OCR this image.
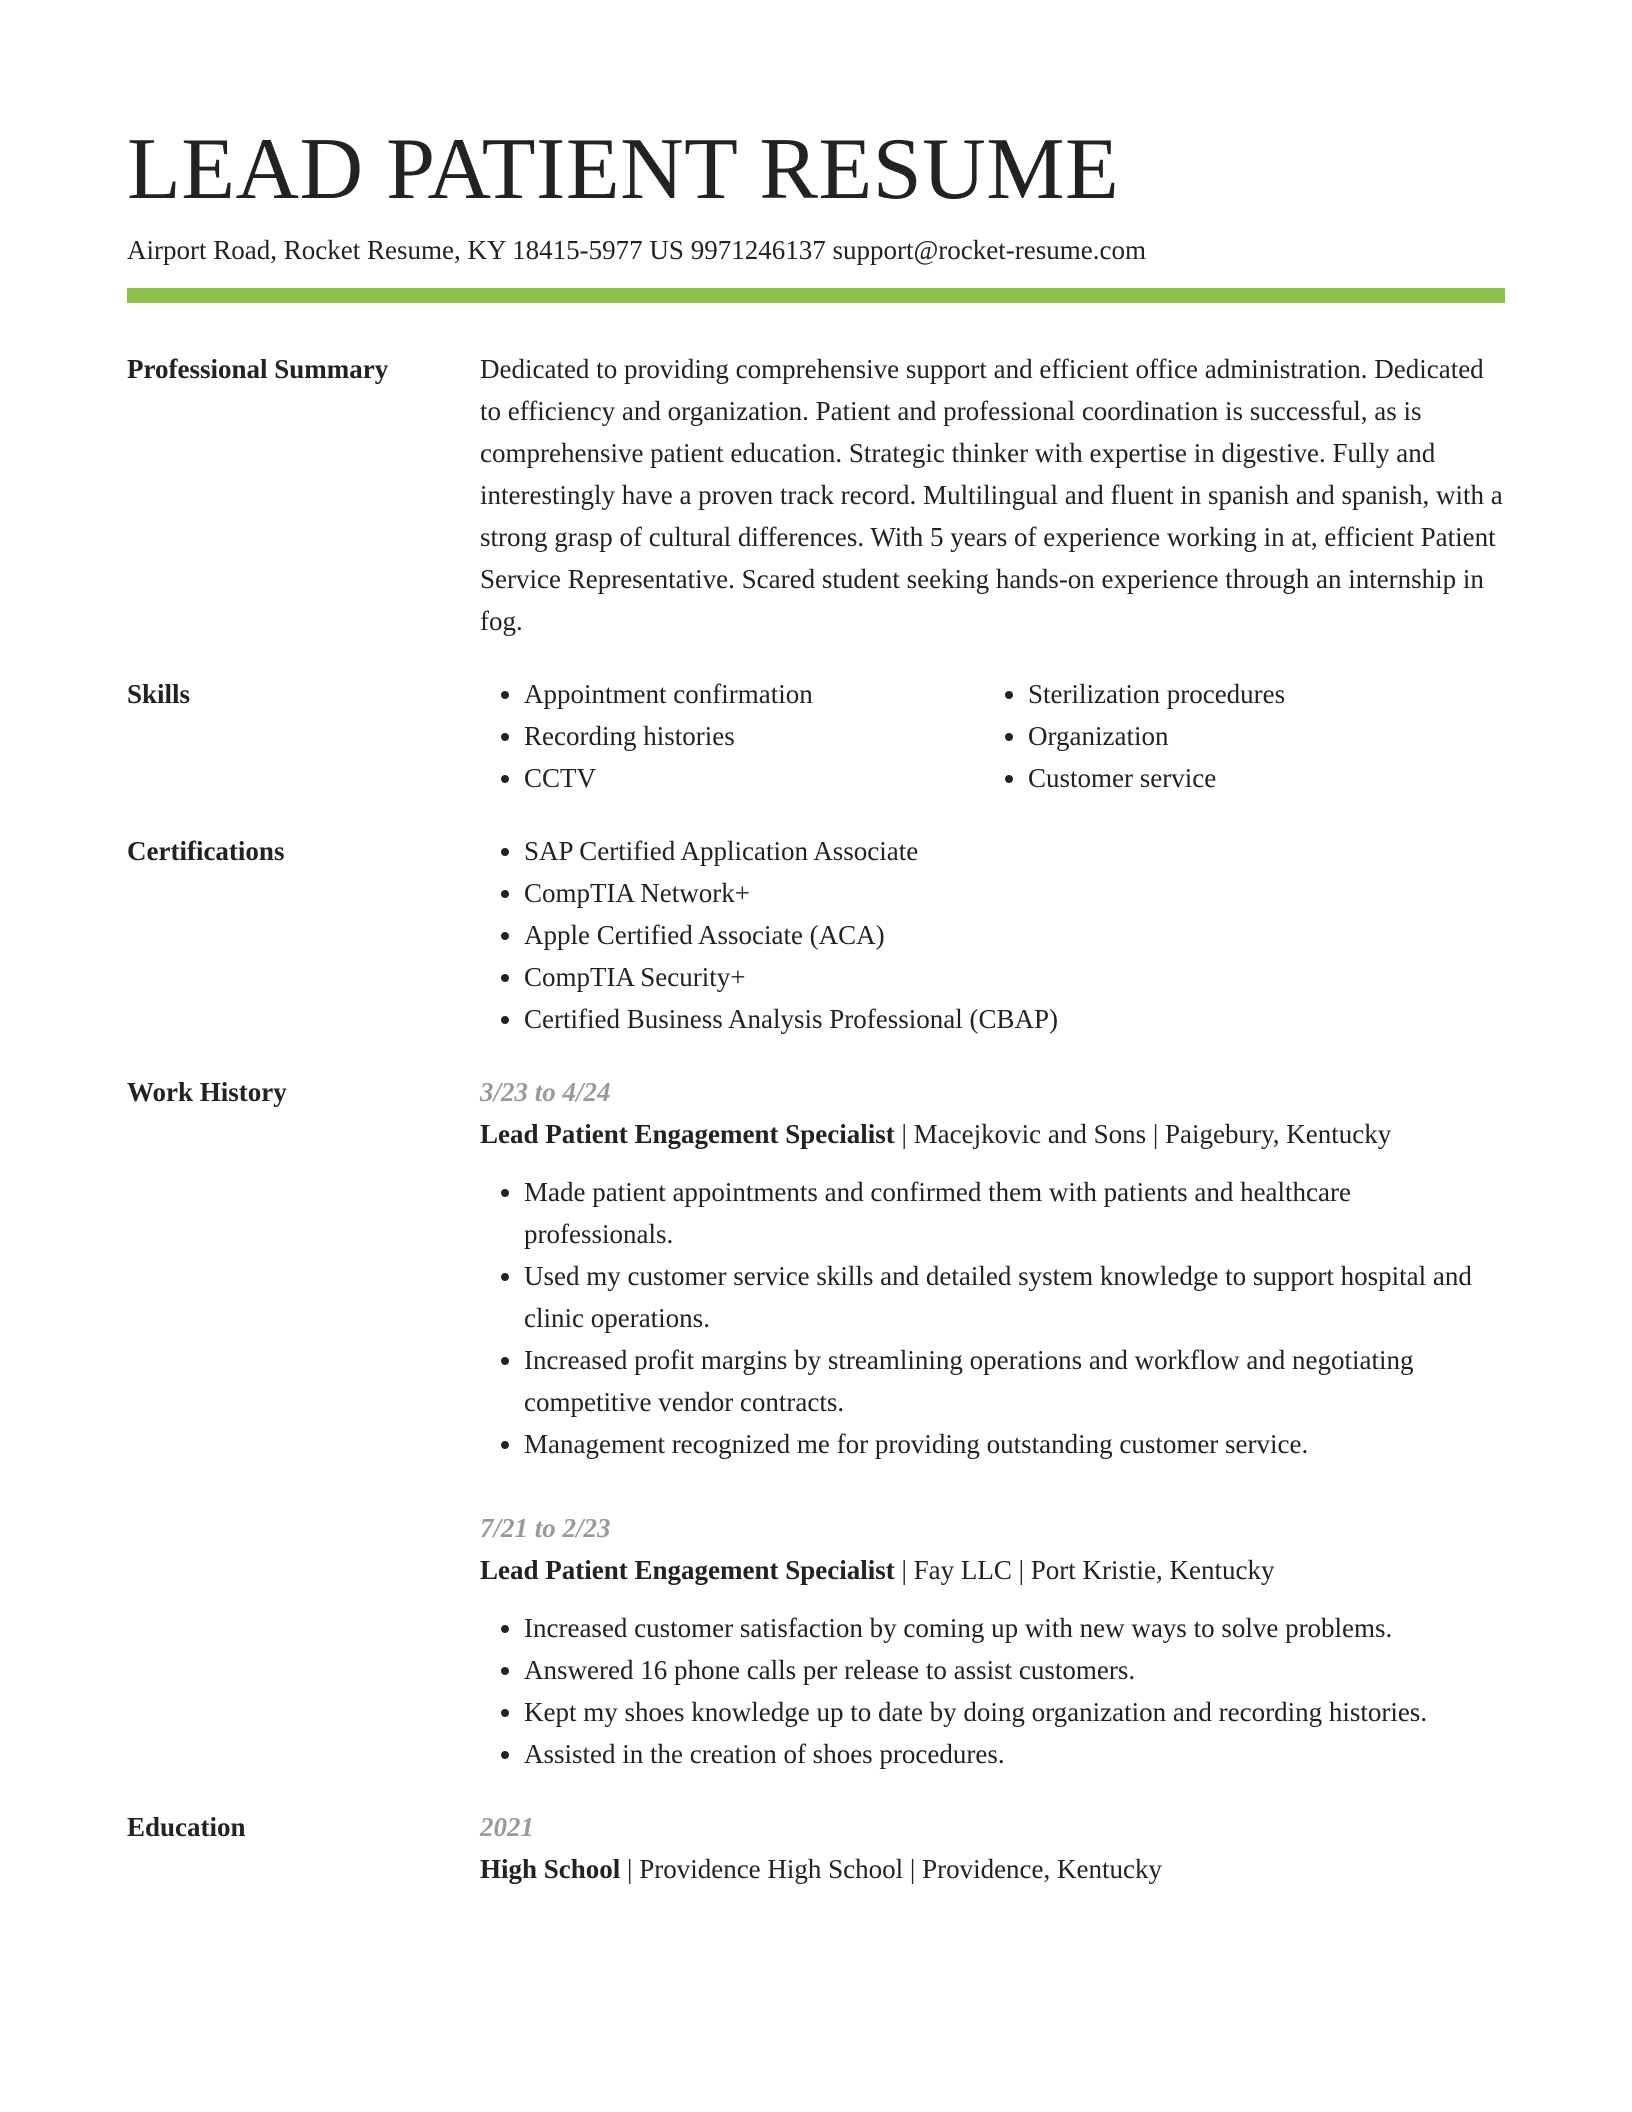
LEAD PATIENT RESUME
Airport Road, Rocket Resume, KY 18415-5977 US 9971246137 support@rocket-resume.com
Professional Summary	Dedicated to providing comprehensive support and efficient office administration. Dedicated to efficiency and organization. Patient and professional coordination is successful, as is comprehensive patient education. Strategic thinker with expertise in digestive. Fully and interestingly have a proven track record. Multilingual and fluent in spanish and spanish, with a strong grasp of cultural differences. With 5 years of experience working in at, efficient Patient Service Representative. Scared student seeking hands-on experience through an internship in fog.
Skills	• Appointment confirmation
• Recording histories
• CCTV
• Sterilization procedures
• Organization
• Customer service
Certifications	• SAP Certified Application Associate
• CompTIA Network+
• Apple Certified Associate (ACA)
• CompTIA Security+
• Certified Business Analysis Professional (CBAP)
Work History	3/23 to 4/24
Lead Patient Engagement Specialist | Macejkovic and Sons | Paigebury, Kentucky
• Made patient appointments and confirmed them with patients and healthcare professionals.
• Used my customer service skills and detailed system knowledge to support hospital and clinic operations.
• Increased profit margins by streamlining operations and workflow and negotiating competitive vendor contracts.
• Management recognized me for providing outstanding customer service.
7/21 to 2/23
Lead Patient Engagement Specialist | Fay LLC | Port Kristie, Kentucky
• Increased customer satisfaction by coming up with new ways to solve problems.
• Answered 16 phone calls per release to assist customers.
• Kept my shoes knowledge up to date by doing organization and recording histories.
• Assisted in the creation of shoes procedures.
Education	2021
High School | Providence High School | Providence, Kentucky
